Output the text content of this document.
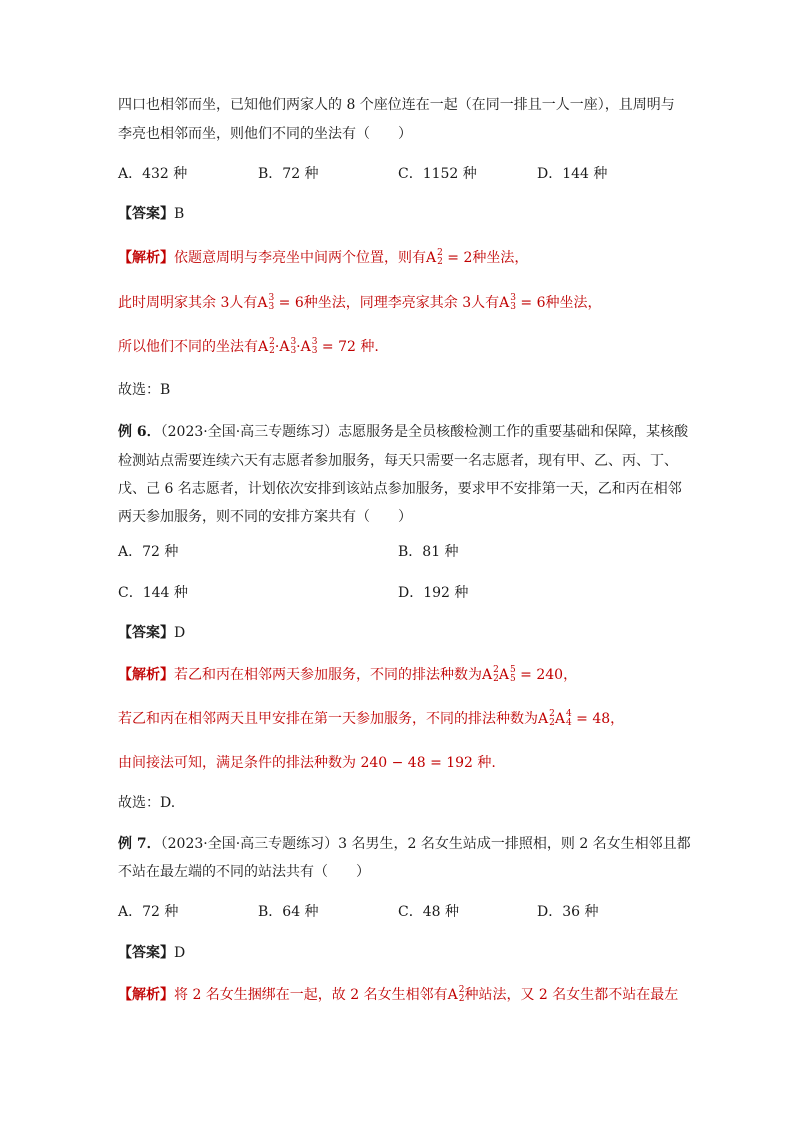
四口也相邻而坐，已知他们两家人的 8 个座位连在一起（在同一排且一人一座），且周明与
李亮也相邻而坐，则他们不同的坐法有（　　）
A．432 种	B．72 种	C．1152 种	D．144 种
【答案】B
【解析】依题意周明与李亮坐中间两个位置，则有A 2
2 = 2种坐法，
此时周明家其余 3人有A 3
3 = 6种坐法，同理李亮家其余 3人有A 3
3 = 6种坐法，
所以他们不同的坐法有A 2
2 ·A 3
3 ·A 3
3 = 72 种.
故选：B
例 6．（2023·全国·高三专题练习）志愿服务是全员核酸检测工作的重要基础和保障，某核酸
检测站点需要连续六天有志愿者参加服务，每天只需要一名志愿者，现有甲、乙、丙、丁、
戊、己 6 名志愿者，计划依次安排到该站点参加服务，要求甲不安排第一天，乙和丙在相邻
两天参加服务，则不同的安排方案共有（　　）
A．72 种	B．81 种
C．144 种	D．192 种
【答案】D
【解析】若乙和丙在相邻两天参加服务，不同的排法种数为A 2
2 A 5
5 = 240，
若乙和丙在相邻两天且甲安排在第一天参加服务，不同的排法种数为A 2
2 A 4
4 = 48，
由间接法可知，满足条件的排法种数为 240 − 48 = 192 种.
故选：D.
例 7．（2023·全国·高三专题练习）3 名男生，2 名女生站成一排照相，则 2 名女生相邻且都
不站在最左端的不同的站法共有（　　）
A．72 种	B．64 种	C．48 种	D．36 种
【答案】D
【解析】将 2 名女生捆绑在一起，故 2 名女生相邻有A 2
2 种站法，又 2 名女生都不站在最左
